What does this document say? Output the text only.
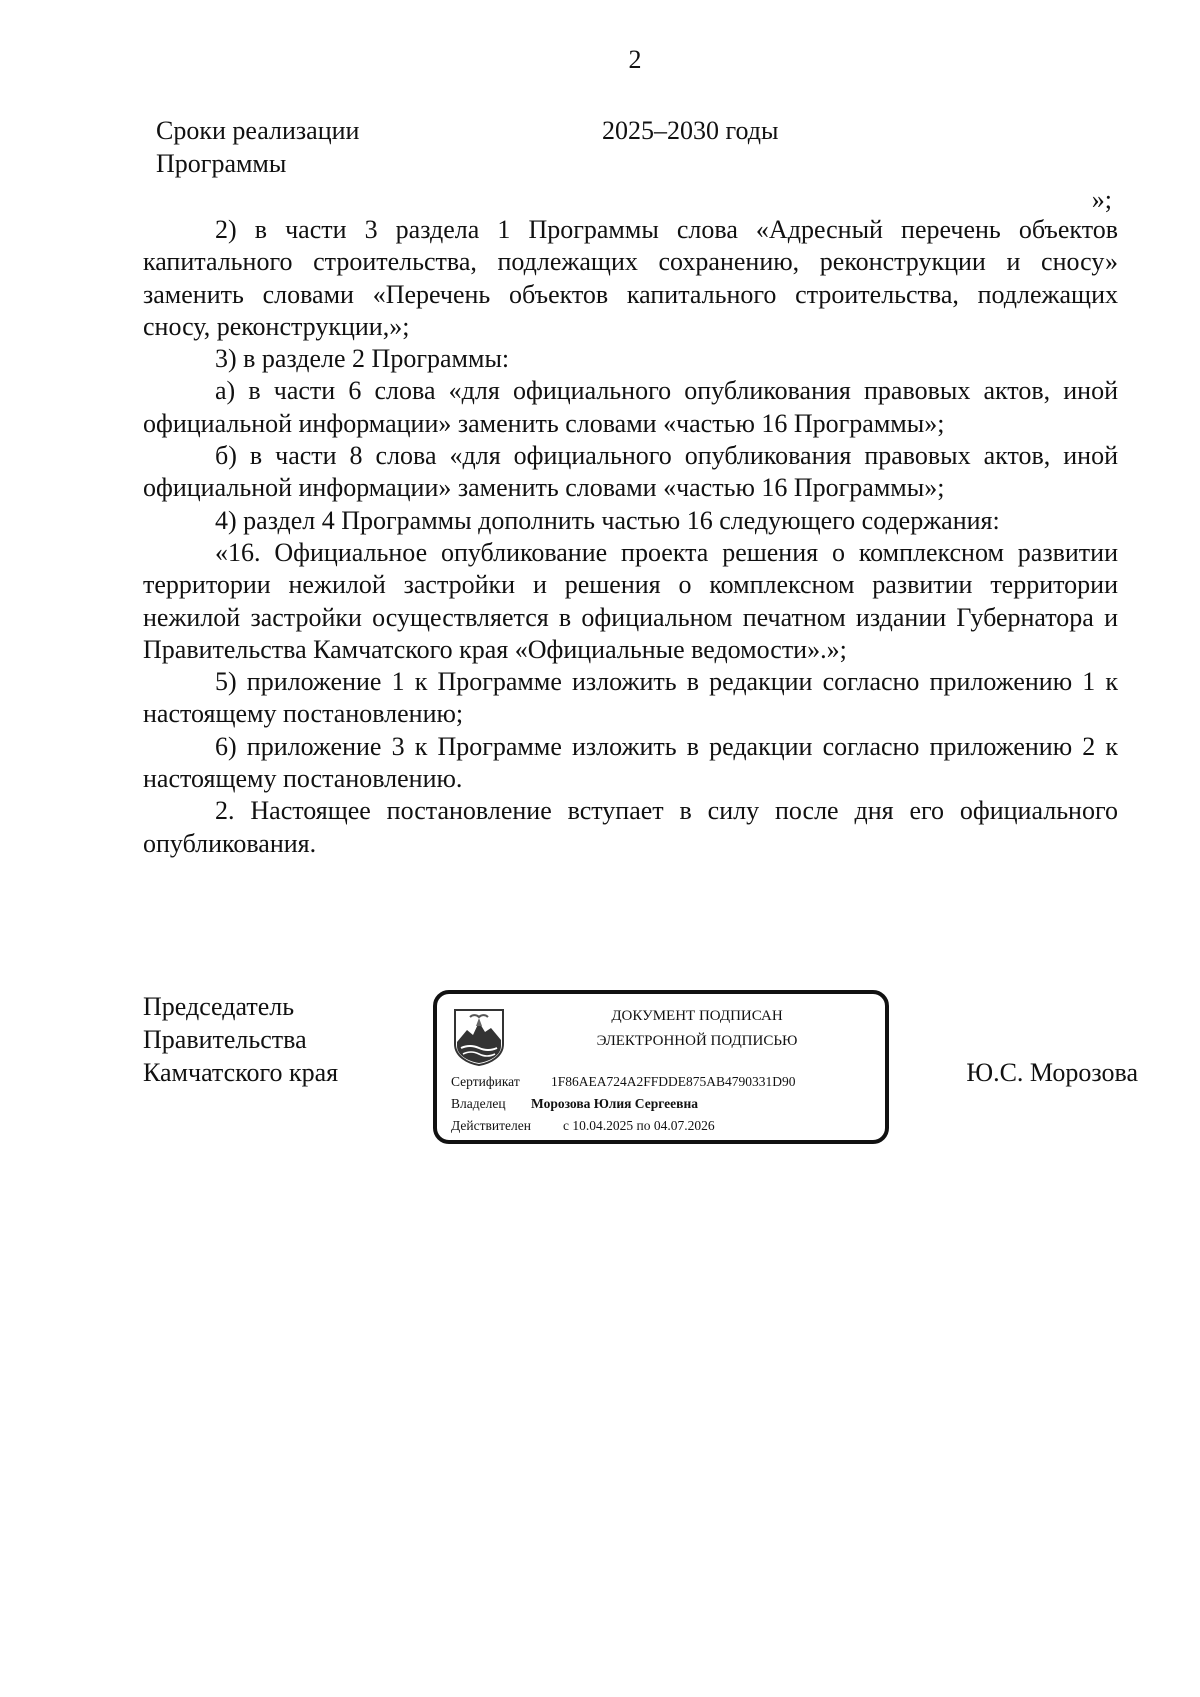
2
Сроки реализации
Программы
2025–2030 годы
»;

2) в части 3 раздела 1 Программы слова «Адресный перечень объектов капитального строительства, подлежащих сохранению, реконструкции и сносу» заменить словами «Перечень объектов капитального строительства, подлежащих сносу, реконструкции,»;

3) в разделе 2 Программы:

а) в части 6 слова «для официального опубликования правовых актов, иной официальной информации» заменить словами «частью 16 Программы»;

б) в части 8 слова «для официального опубликования правовых актов, иной официальной информации» заменить словами «частью 16 Программы»;

4) раздел 4 Программы дополнить частью 16 следующего содержания:

«16. Официальное опубликование проекта решения о комплексном развитии территории нежилой застройки и решения о комплексном развитии территории нежилой застройки осуществляется в официальном печатном издании Губернатора и Правительства Камчатского края «Официальные ведомости».»;

5) приложение 1 к Программе изложить в редакции согласно приложению 1 к настоящему постановлению;

6) приложение 3 к Программе изложить в редакции согласно приложению 2 к настоящему постановлению.

2. Настоящее постановление вступает в силу после дня его официального опубликования.

Председатель
Правительства
Камчатского края
ДОКУМЕНТ ПОДПИСАН
ЭЛЕКТРОННОЙ ПОДПИСЬЮ
Сертификат 1F86AEA724A2FFDDE875AB4790331D90
Владелец Морозова Юлия Сергеевна
Действителен с 10.04.2025 по 04.07.2026
Ю.С. Морозова
